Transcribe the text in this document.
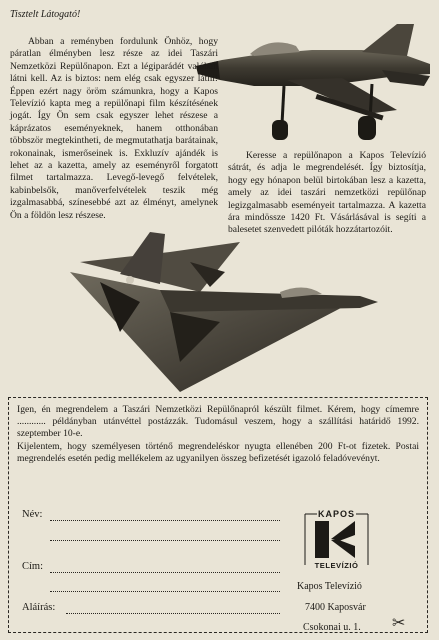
Tisztelt Látogató!

Abban a reményben fordulunk Önhöz, hogy páratlan élményben lesz része az idei Taszári Nemzetközi Repülőnapon. Ezt a légiparádét valóban látni kell. Az is biztos: nem elég csak egyszer látni! Éppen ezért nagy öröm számunkra, hogy a Kapos Televízió kapta meg a repülőnapi film készítésének jogát. Így Ön sem csak egyszer lehet részese a káprázatos eseményeknek, hanem otthonában többször megtekintheti, de megmutathatja barátainak, rokonainak, ismerőseinek is. Exkluzív ajándék is lehet az a kazetta, amely az eseményről forgatott filmet tartalmazza. Levegő-levegő felvételek, kabinbelsők, manőverfelvételek teszik még izgalmasabbá, színesebbé azt az élményt, amelynek Ön a földön lesz részese.

Keresse a repülőnapon a Kapos Televízió sátrát, és adja le megrendelését. Így biztosítja, hogy egy hónapon belül birtokában lesz a kazetta, amely az idei taszári nemzetközi repülőnap legizgalmasabb eseményeit tartalmazza. A kazetta ára mindössze 1420 Ft. Vásárlásával is segíti a balesetet szenvedett pilóták hozzátartozóit.

Igen, én megrendelem a Taszári Nemzetközi Repülőnapról készült filmet. Kérem, hogy címemre ............ példányban utánvéttel postázzák. Tudomásul veszem, hogy a szállítási határidő 1992. szeptember 10-e.

Kijelentem, hogy személyesen történő megrendeléskor nyugta ellenében 200 Ft-ot fizetek. Postai megrendelés esetén pedig mellékelem az ugyanilyen összeg befizetését igazoló feladóvevényt.

Név:
Cím:
Aláírás:
KAPOS
TELEVÍZIÓ
Kapos Televízió
7400 Kaposvár
Csokonai u. 1. ✂
